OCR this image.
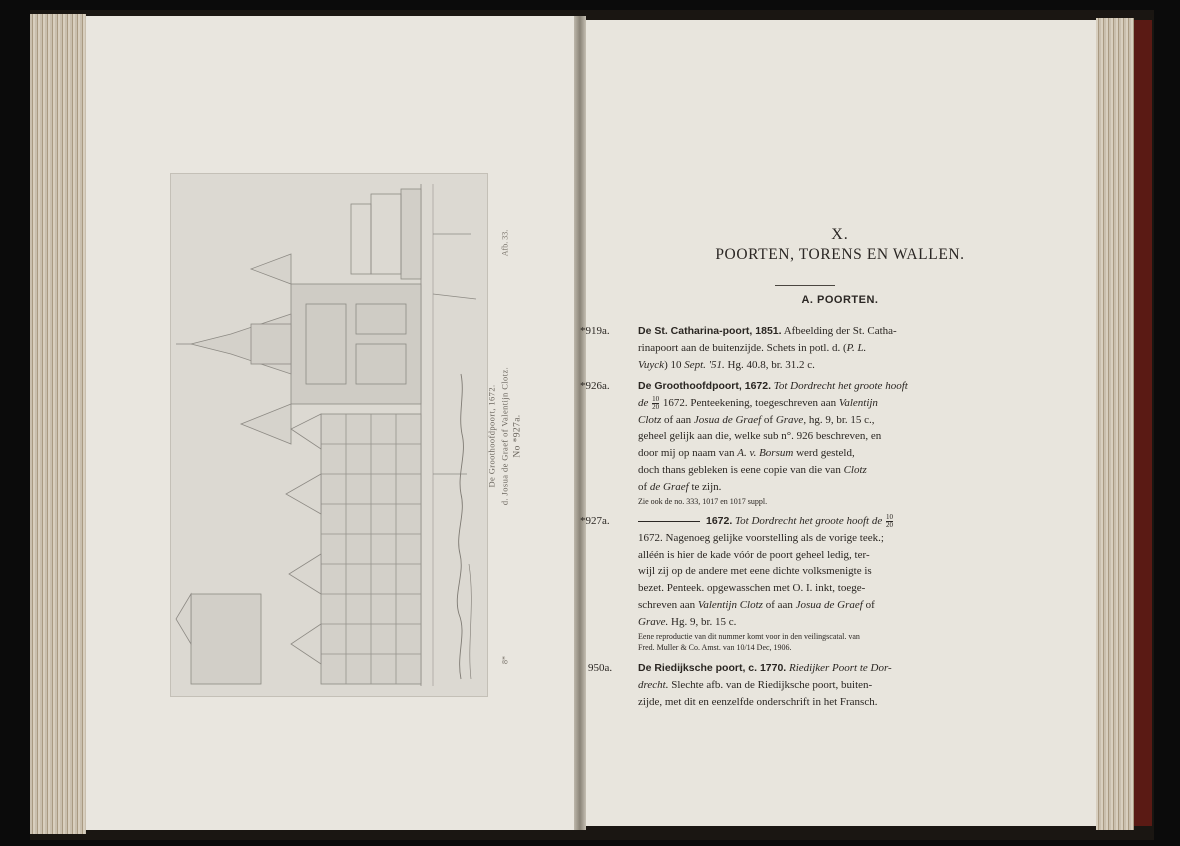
Afb. 33.
De Groothoofdpoort, 1672. d. Josua de Graef of Valentijn Clotz. No *927a.
8*
X.
POORTEN, TORENS EN WALLEN.
A. POORTEN.
*919a.	De St. Catharina-poort, 1851. Afbeelding der St. Catha-
rinapoort aan de buitenzijde. Schets in potl. d. (P. L.
Vuyck) 10 Sept. '51. Hg. 40.8, br. 31.2 c.
*926a.	De Groothoofdpoort, 1672. Tot Dordrecht het groote hooft
de $\frac{10}{20} 1672$. Penteekening, toegeschreven aan Valentijn
Clotz of aan Josua de Graef of Grave, hg. 9, br. 15 c.,
geheel gelijk aan die, welke sub n°. 926 beschreven, en
door mij op naam van A. v. Borsum werd gesteld,
doch thans gebleken is eene copie van die van Clotz
of de Graef te zijn.
Zie ook de no. 333, 1017 en 1017 suppl.
*927a.	1672. Tot Dordrecht het groote hooft de $\frac{10}{20}$
1672. Nagenoeg gelijke voorstelling als de vorige teek.;
alléén is hier de kade vóór de poort geheel ledig, ter-
wijl zij op de andere met eene dichte volksmenigte is
bezet. Penteek. opgewasschen met O. I. inkt, toege-
schreven aan Valentijn Clotz of aan Josua de Graef of
Grave. Hg. 9, br. 15 c.
Eene reproductie van dit nummer komt voor in den veilingscatal. van
Fred. Muller & Co. Amst. van 10/14 Dec, 1906.
950a. De Riedijksche poort, c. 1770. Riedijker Poort te Dor-
drecht. Slechte afb. van de Riedijksche poort, buiten-
zijde, met dit en eenzelfde onderschrift in het Fransch.
